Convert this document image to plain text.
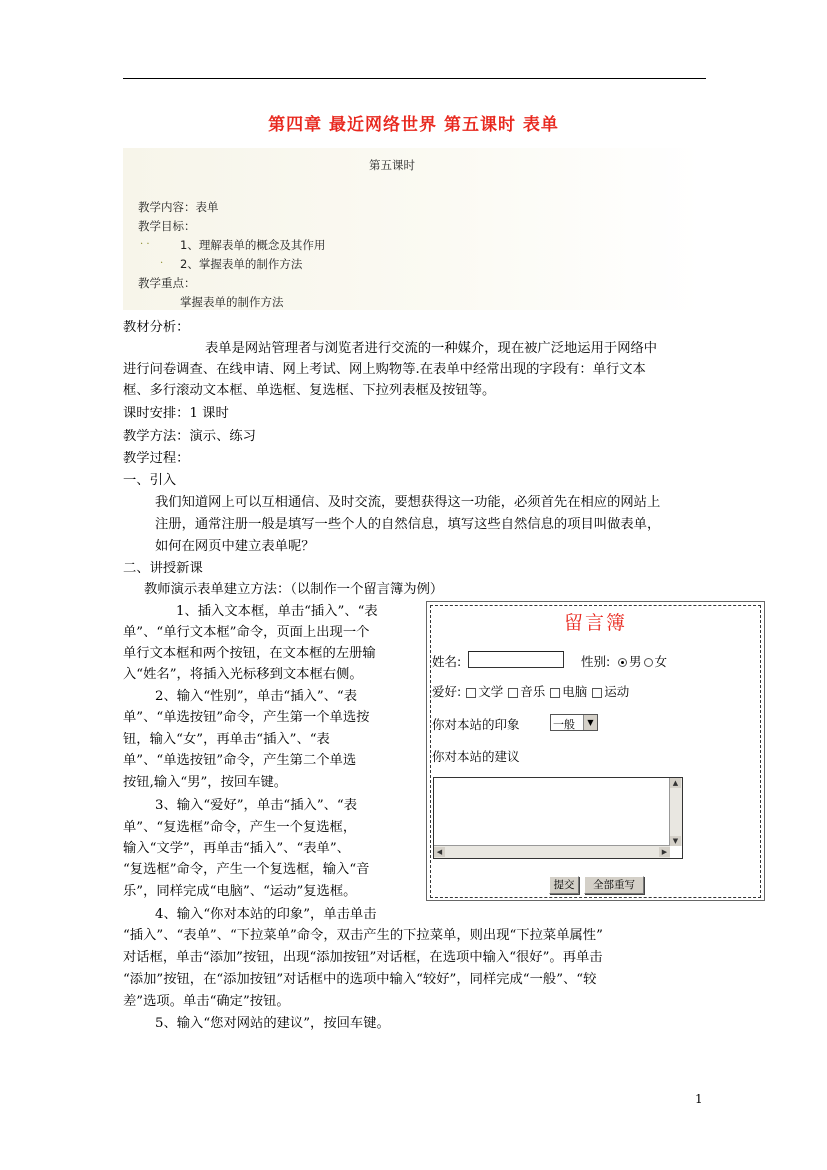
第四章 最近网络世界 第五课时 表单
第五课时
教学内容：表单
教学目标：
. .	1、理解表单的概念及其作用
. 2、掌握表单的制作方法
教学重点：
掌握表单的制作方法
教材分析：
表单是网站管理者与浏览者进行交流的一种媒介，现在被广泛地运用于网络中
进行问卷调查、在线申请、网上考试、网上购物等.在表单中经常出现的字段有：单行文本
框、多行滚动文本框、单选框、复选框、下拉列表框及按钮等。
课时安排：1 课时
教学方法：演示、练习
教学过程：
一、引入
我们知道网上可以互相通信、及时交流，要想获得这一功能，必须首先在相应的网站上
注册，通常注册一般是填写一些个人的自然信息，填写这些自然信息的项目叫做表单，
如何在网页中建立表单呢？
二、讲授新课
教师演示表单建立方法：（以制作一个留言簿为例）
1、插入文本框，单击“插入”、“表
单”、“单行文本框”命令，页面上出现一个
单行文本框和两个按钮，在文本框的左册输
入“姓名”，将插入光标移到文本框右侧。
2、输入“性别”，单击“插入”、“表
单”、“单选按钮”命令，产生第一个单选按
钮，输入“女”，再单击“插入”、“表
单”、“单选按钮”命令，产生第二个单选
按钮,输入“男”，按回车键。
3、输入“爱好”，单击“插入”、“表
单”、“复选框”命令，产生一个复选框，
输入“文学”，再单击“插入”、“表单”、
“复选框”命令，产生一个复选框，输入“音
乐”，同样完成“电脑”、“运动”复选框。
4、输入“你对本站的印象”，单击单击
“插入”、“表单”、“下拉菜单”命令，双击产生的下拉菜单，则出现“下拉菜单属性”
对话框，单击“添加”按钮，出现“添加按钮”对话框，在选项中输入“很好”。再单击
“添加”按钮，在“添加按钮”对话框中的选项中输入“较好”，同样完成“一般”、“较
差”选项。单击“确定”按钮。
5、输入“您对网站的建议”，按回车键。
留言簿
姓名:	性别:	男 女
爱好: 文学 音乐 电脑 运动
你对本站的印象	一般	▼
你对本站的建议
▲
▼
◀	▶
提交	全部重写
1
